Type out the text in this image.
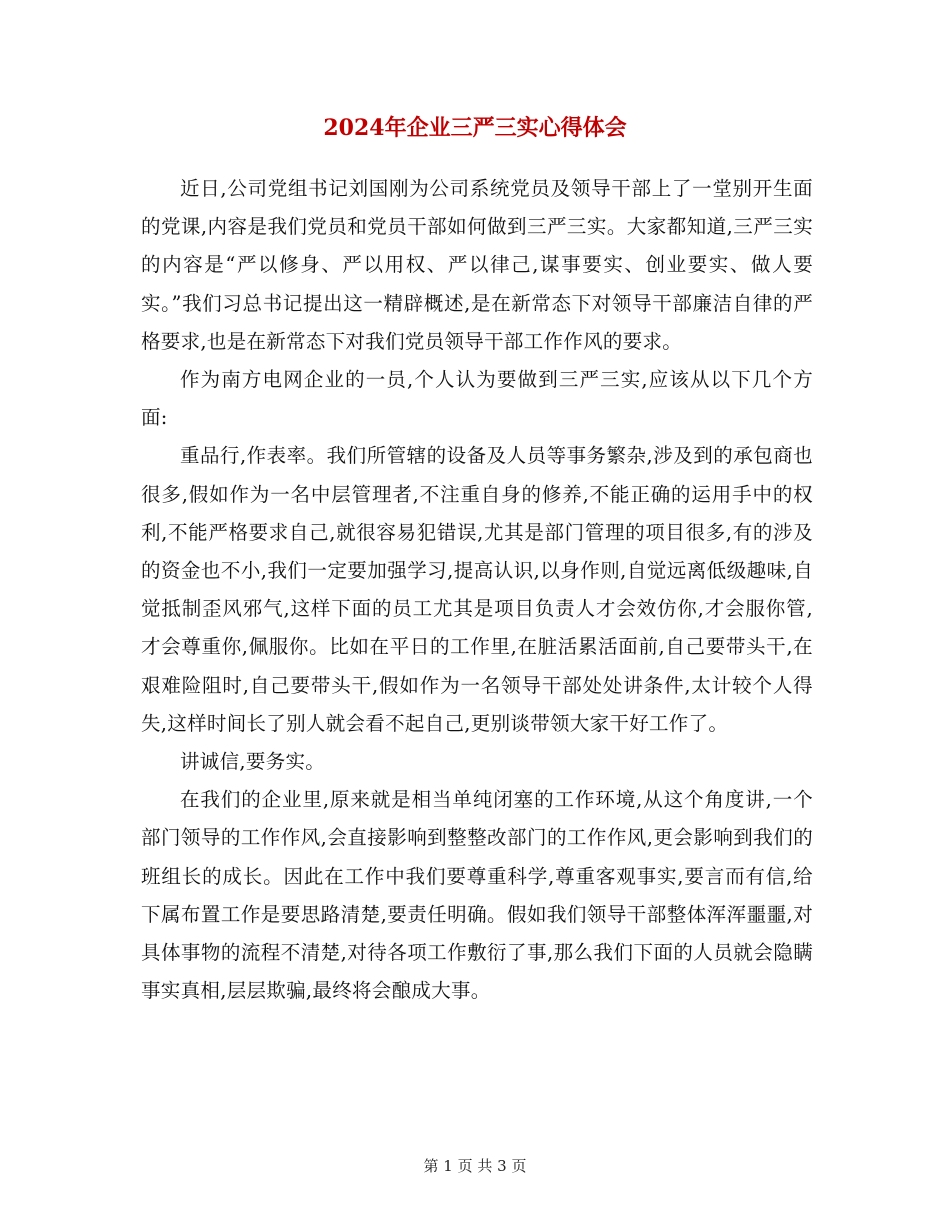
2024年企业三严三实心得体会

近日,公司党组书记刘国刚为公司系统党员及领导干部上了一堂别开生面的党课,内容是我们党员和党员干部如何做到三严三实。大家都知道,三严三实的内容是“严以修身、严以用权、严以律己,谋事要实、创业要实、做人要实。”我们习总书记提出这一精辟概述,是在新常态下对领导干部廉洁自律的严格要求,也是在新常态下对我们党员领导干部工作作风的要求。

作为南方电网企业的一员,个人认为要做到三严三实,应该从以下几个方面:

重品行,作表率。我们所管辖的设备及人员等事务繁杂,涉及到的承包商也很多,假如作为一名中层管理者,不注重自身的修养,不能正确的运用手中的权利,不能严格要求自己,就很容易犯错误,尤其是部门管理的项目很多,有的涉及的资金也不小,我们一定要加强学习,提高认识,以身作则,自觉远离低级趣味,自觉抵制歪风邪气,这样下面的员工尤其是项目负责人才会效仿你,才会服你管,才会尊重你,佩服你。比如在平日的工作里,在脏活累活面前,自己要带头干,在艰难险阻时,自己要带头干,假如作为一名领导干部处处讲条件,太计较个人得失,这样时间长了别人就会看不起自己,更别谈带领大家干好工作了。

讲诚信,要务实。

在我们的企业里,原来就是相当单纯闭塞的工作环境,从这个角度讲,一个部门领导的工作作风,会直接影响到整整改部门的工作作风,更会影响到我们的班组长的成长。因此在工作中我们要尊重科学,尊重客观事实,要言而有信,给下属布置工作是要思路清楚,要责任明确。假如我们领导干部整体浑浑噩噩,对具体事物的流程不清楚,对待各项工作敷衍了事,那么我们下面的人员就会隐瞒事实真相,层层欺骗,最终将会酿成大事。

第 1 页 共 3 页
